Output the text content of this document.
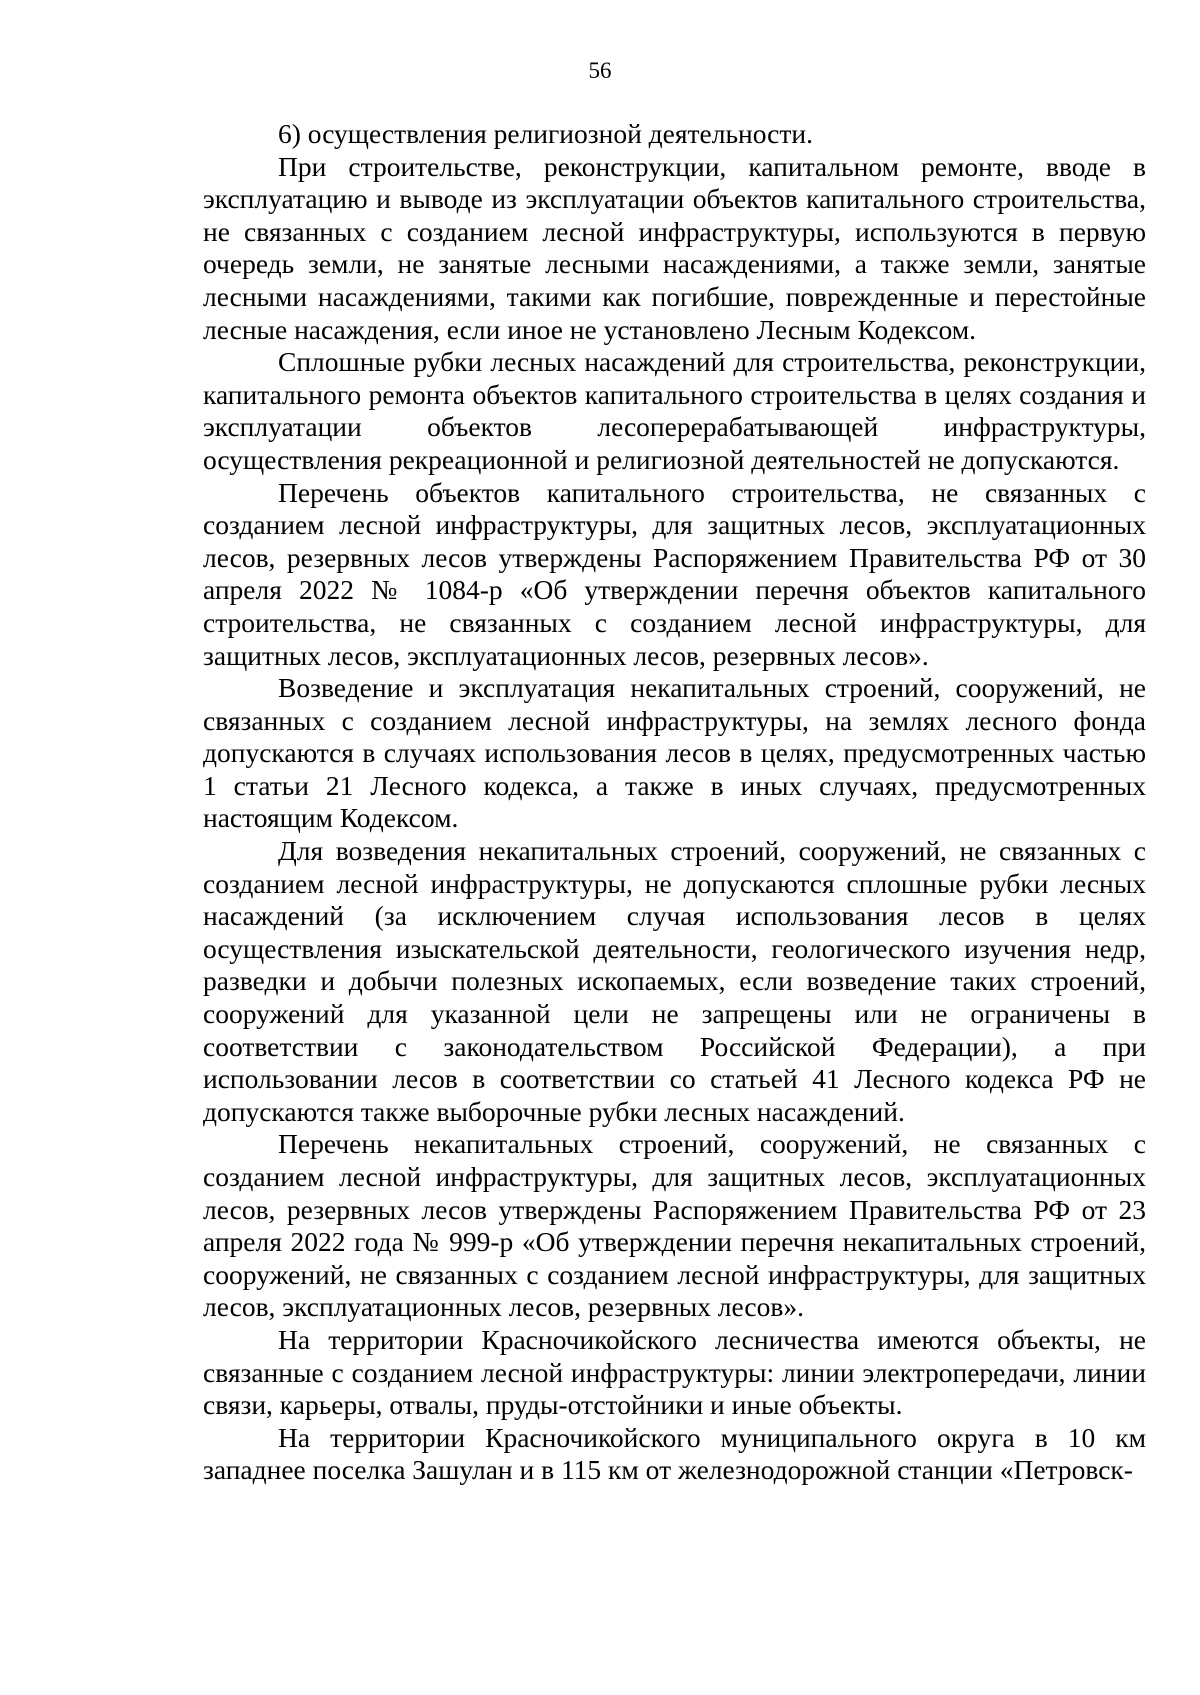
56

6) осуществления религиозной деятельности.

При строительстве, реконструкции, капитальном ремонте, вводе в эксплуатацию и выводе из эксплуатации объектов капитального строительства, не связанных с созданием лесной инфраструктуры, используются в первую очередь земли, не занятые лесными насаждениями, а также земли, занятые лесными насаждениями, такими как погибшие, поврежденные и перестойные лесные насаждения, если иное не установлено Лесным Кодексом.

Сплошные рубки лесных насаждений для строительства, реконструкции, капитального ремонта объектов капитального строительства в целях создания и эксплуатации объектов лесоперерабатывающей инфраструктуры, осуществления рекреационной и религиозной деятельностей не допускаются.

Перечень объектов капитального строительства, не связанных с созданием лесной инфраструктуры, для защитных лесов, эксплуатационных лесов, резервных лесов утверждены Распоряжением Правительства РФ от 30 апреля 2022 № 1084-р «Об утверждении перечня объектов капитального строительства, не связанных с созданием лесной инфраструктуры, для защитных лесов, эксплуатационных лесов, резервных лесов».

Возведение и эксплуатация некапитальных строений, сооружений, не связанных с созданием лесной инфраструктуры, на землях лесного фонда допускаются в случаях использования лесов в целях, предусмотренных частью 1 статьи 21 Лесного кодекса, а также в иных случаях, предусмотренных настоящим Кодексом.

Для возведения некапитальных строений, сооружений, не связанных с созданием лесной инфраструктуры, не допускаются сплошные рубки лесных насаждений (за исключением случая использования лесов в целях осуществления изыскательской деятельности, геологического изучения недр, разведки и добычи полезных ископаемых, если возведение таких строений, сооружений для указанной цели не запрещены или не ограничены в соответствии с законодательством Российской Федерации), а при использовании лесов в соответствии со статьей 41 Лесного кодекса РФ не допускаются также выборочные рубки лесных насаждений.

Перечень некапитальных строений, сооружений, не связанных с созданием лесной инфраструктуры, для защитных лесов, эксплуатационных лесов, резервных лесов утверждены Распоряжением Правительства РФ от 23 апреля 2022 года № 999-р «Об утверждении перечня некапитальных строений, сооружений, не связанных с созданием лесной инфраструктуры, для защитных лесов, эксплуатационных лесов, резервных лесов».

На территории Красночикойского лесничества имеются объекты, не связанные с созданием лесной инфраструктуры: линии электропередачи, линии связи, карьеры, отвалы, пруды-отстойники и иные объекты.

На территории Красночикойского муниципального округа в 10 км западнее поселка Зашулан и в 115 км от железнодорожной станции «Петровск-
